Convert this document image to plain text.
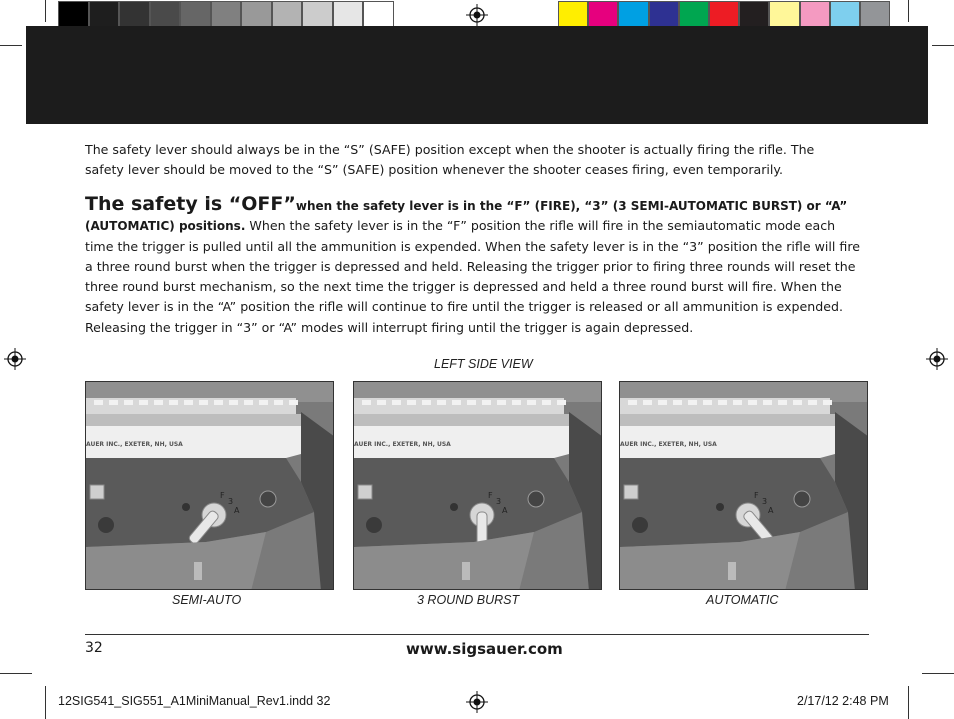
The safety lever should always be in the “S” (SAFE) position except when the shooter is actually firing the rifle. The safety lever should be moved to the “S” (SAFE) position whenever the shooter ceases firing, even temporarily.
The safety is “OFF”when the safety lever is in the “F” (FIRE), “3” (3 SEMI-AUTOMATIC BURST) or “A” (AUTOMATIC) positions. When the safety lever is in the “F” position the rifle will fire in the semiautomatic mode each time the trigger is pulled until all the ammunition is expended. When the safety lever is in the “3” position the rifle will fire a three round burst when the trigger is depressed and held. Releasing the trigger prior to firing three rounds will reset the three round burst mechanism, so the next time the trigger is depressed and held a three round burst will fire. When the safety lever is in the “A” position the rifle will continue to fire until the trigger is released or all ammunition is expended. Releasing the trigger in “3” or “A” modes will interrupt firing until the trigger is again depressed.
LEFT SIDE VIEW
AUER INC., EXETER, NH, USA
F
3
A
AUER INC., EXETER, NH, USA
F
3
A
AUER INC., EXETER, NH, USA
F
3
A
SEMI-AUTO	3 ROUND BURST	AUTOMATIC
32	www.sigsauer.com
12SIG541_SIG551_A1MiniManual_Rev1.indd 32	2/17/12 2:48 PM
